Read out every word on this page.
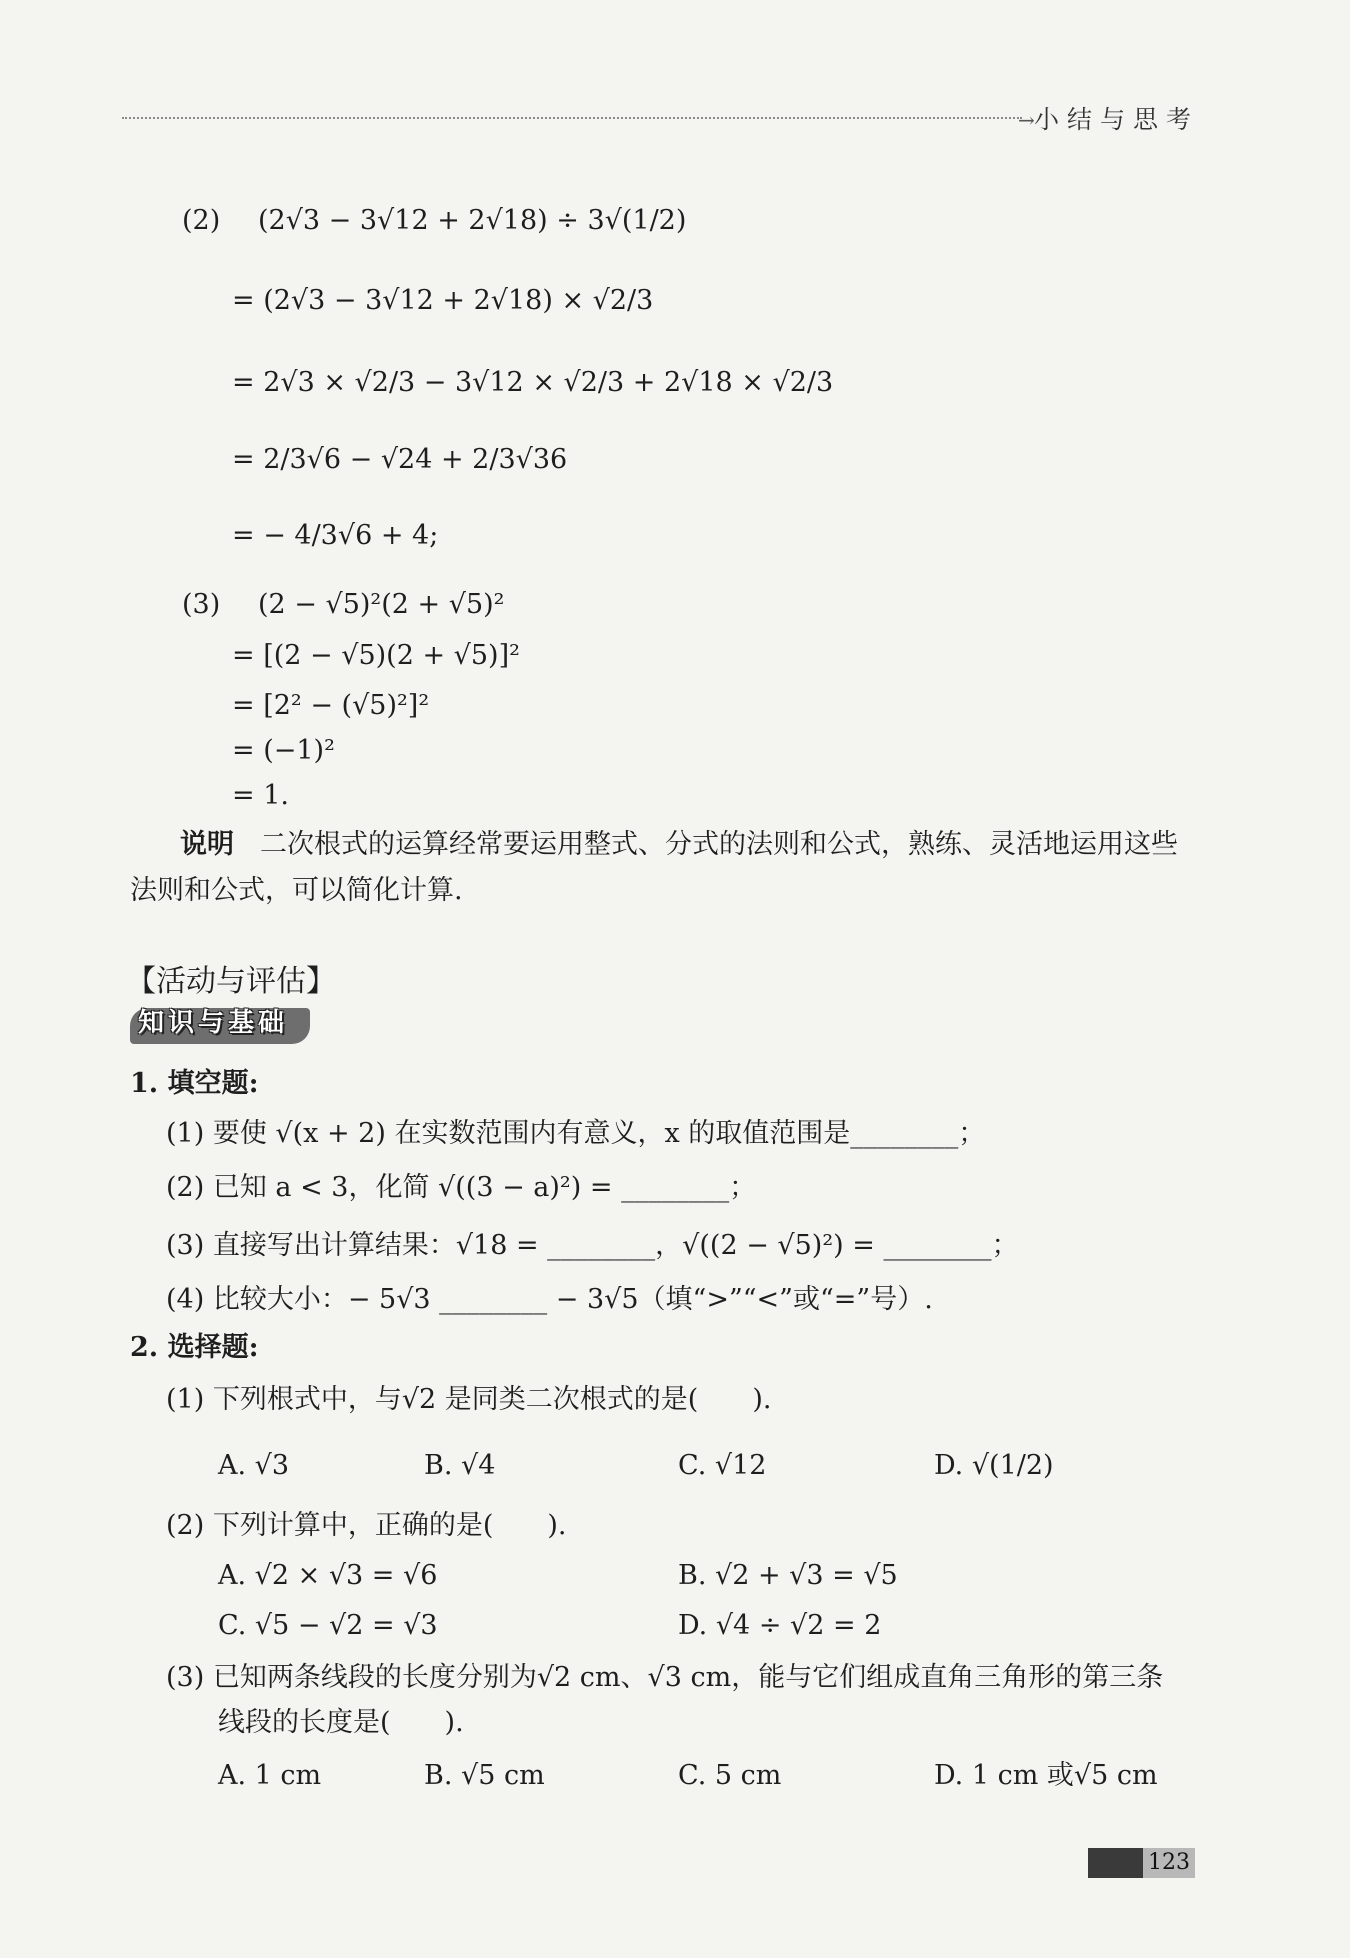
→ 小结与思考
(2) (2√3 − 3√12 + 2√18) ÷ 3√(1/2)
= (2√3 − 3√12 + 2√18) × √2/3
= 2√3 × √2/3 − 3√12 × √2/3 + 2√18 × √2/3
= 2/3√6 − √24 + 2/3√36
= − 4/3√6 + 4;
(3) (2 − √5)²(2 + √5)²
= [(2 − √5)(2 + √5)]²
= [2² − (√5)²]²
= (−1)²
= 1.
说明 二次根式的运算经常要运用整式、分式的法则和公式，熟练、灵活地运用这些法则和公式，可以简化计算.
【活动与评估】
知识与基础
1. 填空题:
(1) 要使 √(x + 2) 在实数范围内有意义，x 的取值范围是________；
(2) 已知 a < 3，化简 √((3 − a)²) = ________；
(3) 直接写出计算结果：√18 = ________，√((2 − √5)²) = ________；
(4) 比较大小：− 5√3 ________ − 3√5（填“>”“<”或“=”号）.
2. 选择题:
(1) 下列根式中，与√2 是同类二次根式的是(　　).
A. √3	B. √4	C. √12	D. √(1/2)
(2) 下列计算中，正确的是(　　).
A. √2 × √3 = √6	B. √2 + √3 = √5
C. √5 − √2 = √3	D. √4 ÷ √2 = 2
(3) 已知两条线段的长度分别为√2 cm、√3 cm，能与它们组成直角三角形的第三条
线段的长度是(　　).
A. 1 cm	B. √5 cm	C. 5 cm	D. 1 cm 或√5 cm
123
